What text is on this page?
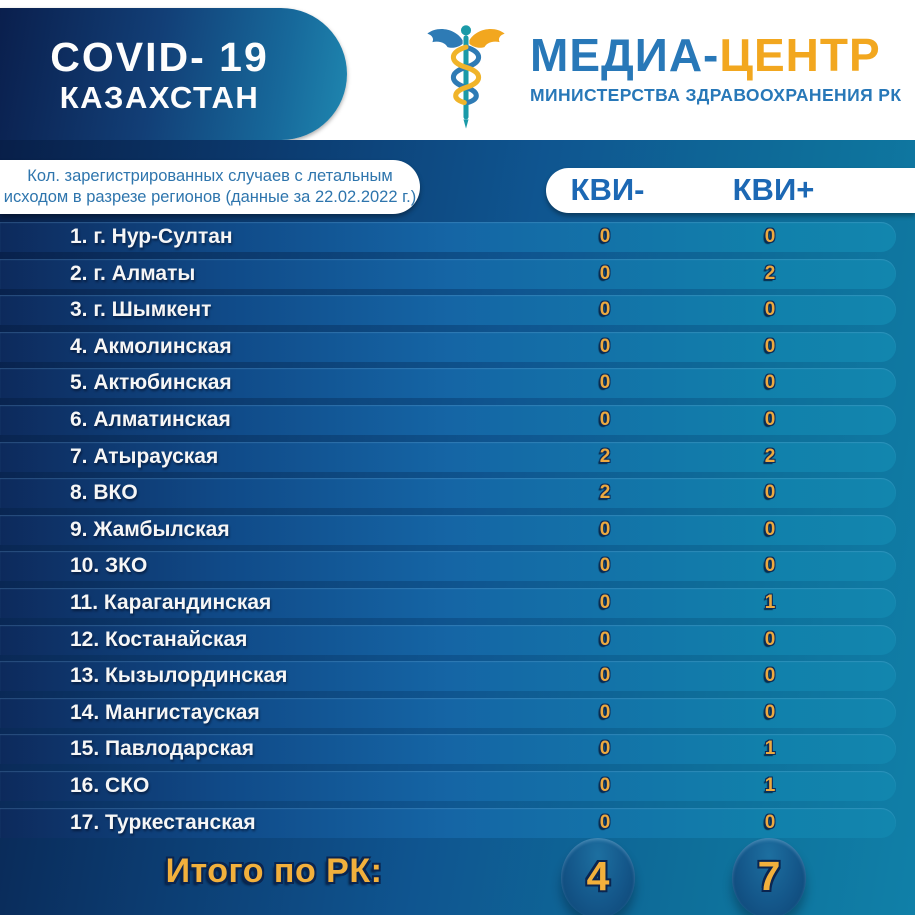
COVID- 19
КАЗАХСТАН
МЕДИА-ЦЕНТР
МИНИСТЕРСТВА ЗДРАВООХРАНЕНИЯ РК
Кол. зарегистрированных случаев с летальным
исходом в разрезе регионов (данные за 22.02.2022 г.)	КВИ-	КВИ+
1. г. Нур-Султан	0	0
2. г. Алматы	0	2
3. г. Шымкент	0	0
4. Акмолинская	0	0
5. Актюбинская	0	0
6. Алматинская	0	0
7. Атырауская	2	2
8. ВКО	2	0
9. Жамбылская	0	0
10. ЗКО	0	0
11. Карагандинская	0	1
12. Костанайская	0	0
13. Кызылординская	0	0
14. Мангистауская	0	0
15. Павлодарская	0	1
16. СКО	0	1
17. Туркестанская	0	0
Итого по РК:	4	7
